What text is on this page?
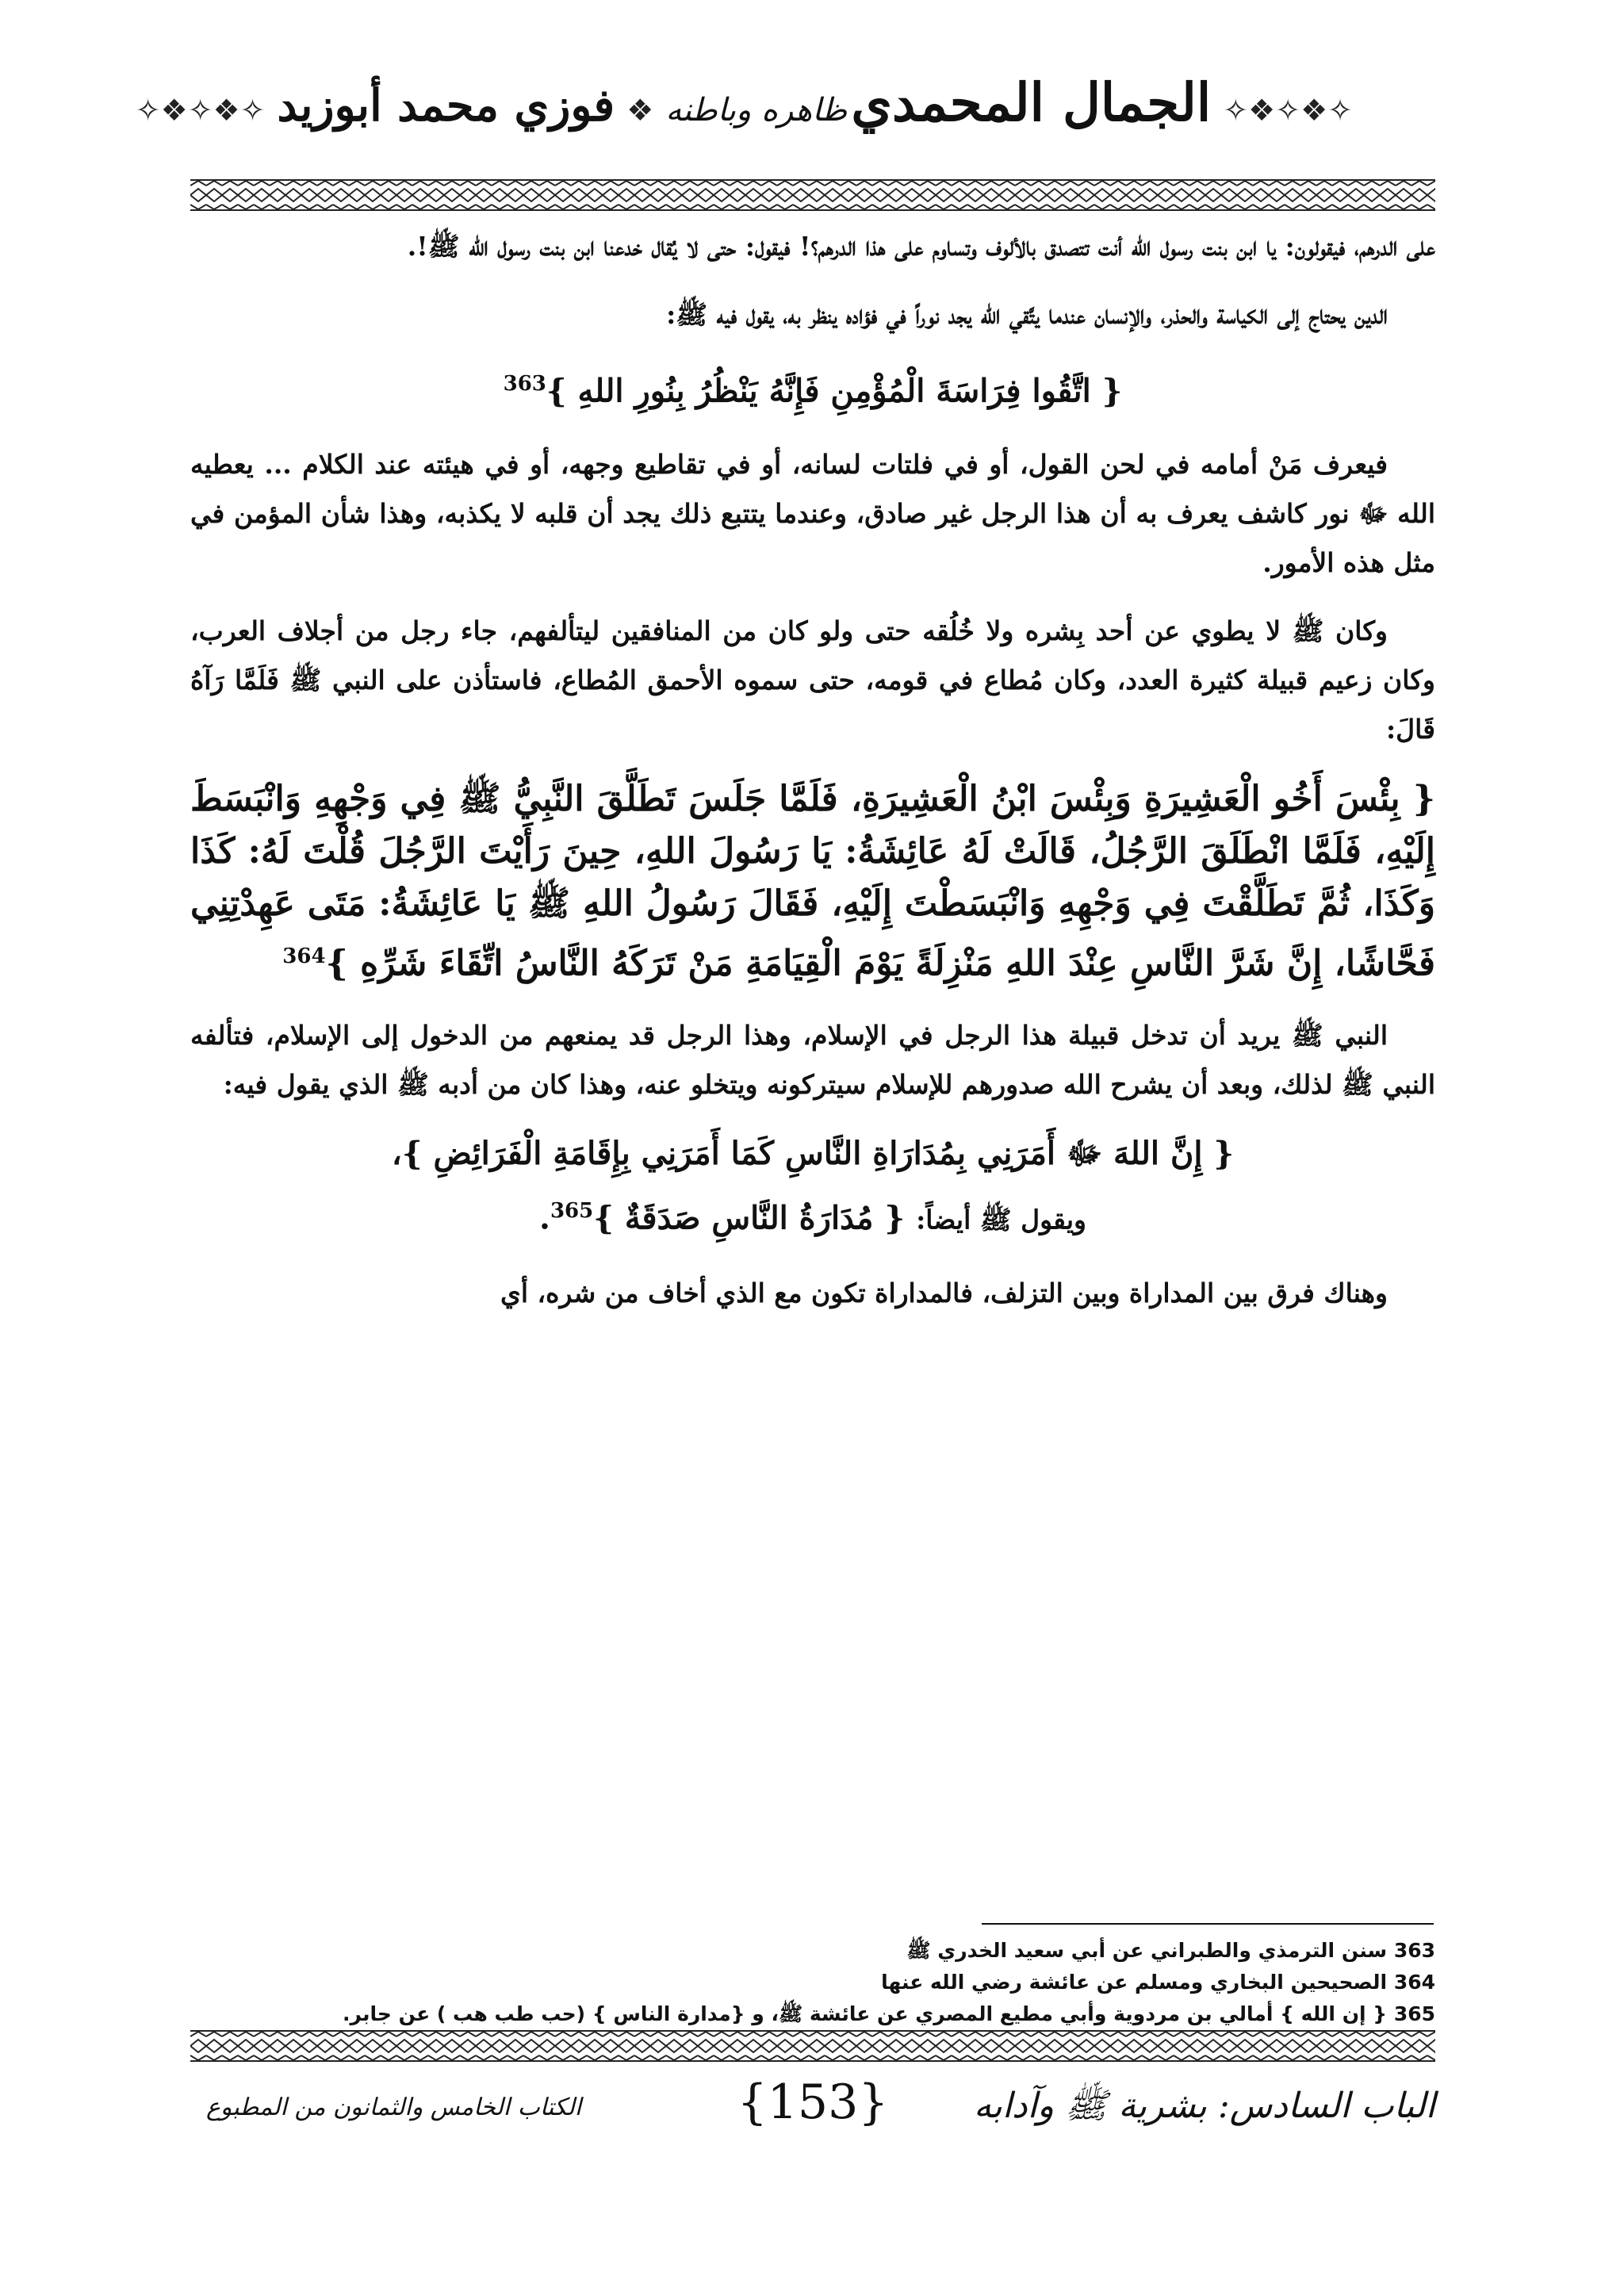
✧❖✧❖✧ الجمال المحمدي ظاهره وباطنه ❖ فوزي محمد أبوزيد ✧❖✧❖✧

على الدرهم، فيقولون: يا ابن بنت رسول الله أنت تتصدق بالألوف وتساوم على هذا الدرهم؟! فيقول: حتى لا يُقال خدعنا ابن بنت رسول الله ﷺ!.

الدين يحتاج إلى الكياسة والحذر، والإنسان عندما يتَّقي الله يجد نوراً في فؤاده ينظر به، يقول فيه ﷺ:

{ اتَّقُوا فِرَاسَةَ الْمُؤْمِنِ فَإِنَّهُ يَنْظُرُ بِنُورِ اللهِ }$^{363}$

فيعرف مَنْ أمامه في لحن القول، أو في فلتات لسانه، أو في تقاطيع وجهه، أو في هيئته عند الكلام ... يعطيه الله ﷻ نور كاشف يعرف به أن هذا الرجل غير صادق، وعندما يتتبع ذلك يجد أن قلبه لا يكذبه، وهذا شأن المؤمن في مثل هذه الأمور.

وكان ﷺ لا يطوي عن أحد بِشره ولا خُلُقه حتى ولو كان من المنافقين ليتألفهم، جاء رجل من أجلاف العرب، وكان زعيم قبيلة كثيرة العدد، وكان مُطاع في قومه، حتى سموه الأحمق المُطاع، فاستأذن على النبي ﷺ فَلَمَّا رَآهُ قَالَ:

{ بِئْسَ أَخُو الْعَشِيرَةِ وَبِئْسَ ابْنُ الْعَشِيرَةِ، فَلَمَّا جَلَسَ تَطَلَّقَ النَّبِيُّ ﷺ فِي وَجْهِهِ وَانْبَسَطَ إِلَيْهِ، فَلَمَّا انْطَلَقَ الرَّجُلُ، قَالَتْ لَهُ عَائِشَةُ: يَا رَسُولَ اللهِ، حِينَ رَأَيْتَ الرَّجُلَ قُلْتَ لَهُ: كَذَا وَكَذَا، ثُمَّ تَطَلَّقْتَ فِي وَجْهِهِ وَانْبَسَطْتَ إِلَيْهِ، فَقَالَ رَسُولُ اللهِ ﷺ يَا عَائِشَةُ: مَتَى عَهِدْتِنِي فَحَّاشًا، إِنَّ شَرَّ النَّاسِ عِنْدَ اللهِ مَنْزِلَةً يَوْمَ الْقِيَامَةِ مَنْ تَرَكَهُ النَّاسُ اتِّقَاءَ شَرِّهِ }$^{364}$

النبي ﷺ يريد أن تدخل قبيلة هذا الرجل في الإسلام، وهذا الرجل قد يمنعهم من الدخول إلى الإسلام، فتألفه النبي ﷺ لذلك، وبعد أن يشرح الله صدورهم للإسلام سيتركونه ويتخلو عنه، وهذا كان من أدبه ﷺ الذي يقول فيه:

{ إِنَّ اللهَ ﷻ أَمَرَنِي بِمُدَارَاةِ النَّاسِ كَمَا أَمَرَنِي بِإِقَامَةِ الْفَرَائِضِ }،

ويقول ﷺ أيضاً: { مُدَارَةُ النَّاسِ صَدَقَةٌ }$^{365}$.

وهناك فرق بين المداراة وبين التزلف، فالمداراة تكون مع الذي أخاف من شره، أي

363 سنن الترمذي والطبراني عن أبي سعيد الخدري ﷺ
364 الصحيحين البخاري ومسلم عن عائشة رضي الله عنها
365 { إن الله } أمالي بن مردوية وأبي مطيع المصري عن عائشة ﷺ، و {مدارة الناس } (حب طب هب ) عن جابر.
الباب السادس: بشرية ﷺ وآدابه
{153}
الكتاب الخامس والثمانون من المطبوع
